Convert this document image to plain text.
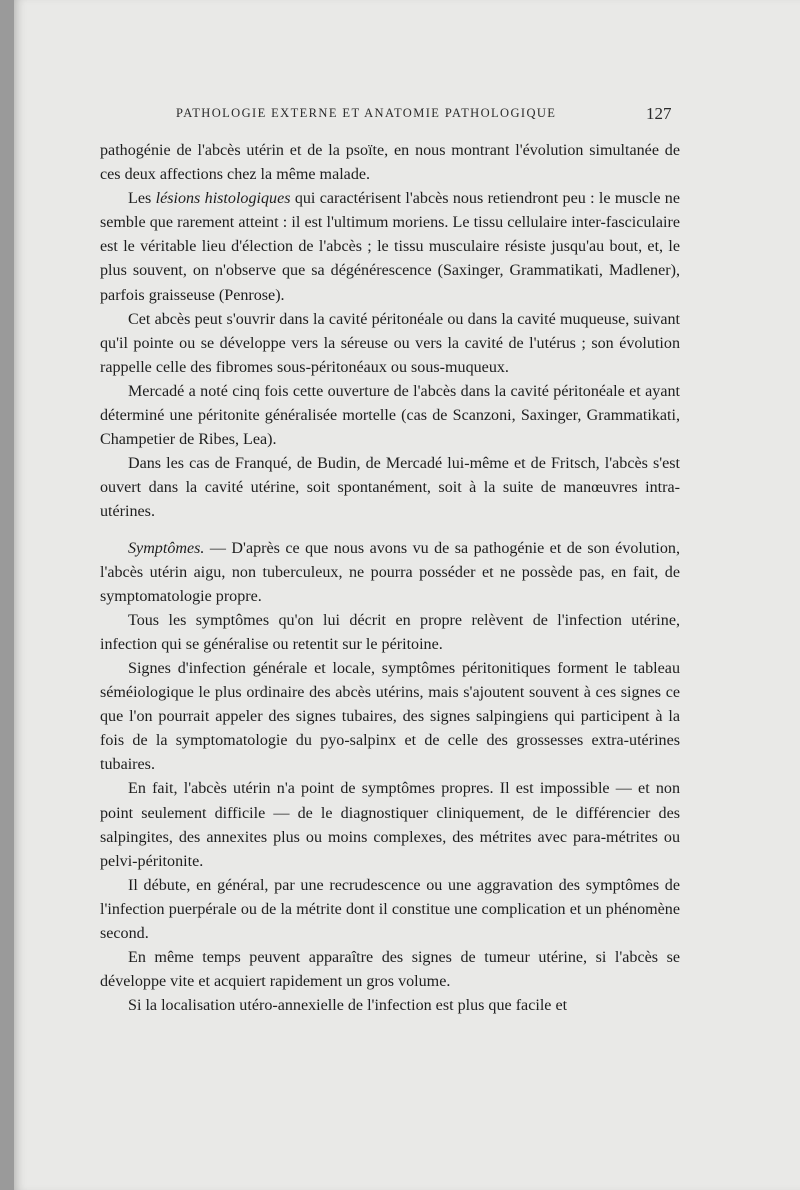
PATHOLOGIE EXTERNE ET ANATOMIE PATHOLOGIQUE	127

pathogénie de l'abcès utérin et de la psoïte, en nous montrant l'évolution simultanée de ces deux affections chez la même malade.

Les lésions histologiques qui caractérisent l'abcès nous retiendront peu : le muscle ne semble que rarement atteint : il est l'ultimum moriens. Le tissu cellulaire inter-fasciculaire est le véritable lieu d'élection de l'abcès ; le tissu musculaire résiste jusqu'au bout, et, le plus souvent, on n'observe que sa dégénérescence (Saxinger, Grammatikati, Madlener), parfois graisseuse (Penrose).

Cet abcès peut s'ouvrir dans la cavité péritonéale ou dans la cavité muqueuse, suivant qu'il pointe ou se développe vers la séreuse ou vers la cavité de l'utérus ; son évolution rappelle celle des fibromes sous-péritonéaux ou sous-muqueux.

Mercadé a noté cinq fois cette ouverture de l'abcès dans la cavité péritonéale et ayant déterminé une péritonite généralisée mortelle (cas de Scanzoni, Saxinger, Grammatikati, Champetier de Ribes, Lea).

Dans les cas de Franqué, de Budin, de Mercadé lui-même et de Fritsch, l'abcès s'est ouvert dans la cavité utérine, soit spontanément, soit à la suite de manœuvres intra-utérines.

Symptômes. — D'après ce que nous avons vu de sa pathogénie et de son évolution, l'abcès utérin aigu, non tuberculeux, ne pourra posséder et ne possède pas, en fait, de symptomatologie propre.

Tous les symptômes qu'on lui décrit en propre relèvent de l'infection utérine, infection qui se généralise ou retentit sur le péritoine.

Signes d'infection générale et locale, symptômes péritonitiques forment le tableau séméiologique le plus ordinaire des abcès utérins, mais s'ajoutent souvent à ces signes ce que l'on pourrait appeler des signes tubaires, des signes salpingiens qui participent à la fois de la symptomatologie du pyo-salpinx et de celle des grossesses extra-utérines tubaires.

En fait, l'abcès utérin n'a point de symptômes propres. Il est impossible — et non point seulement difficile — de le diagnostiquer cliniquement, de le différencier des salpingites, des annexites plus ou moins complexes, des métrites avec para-métrites ou pelvi-péritonite.

Il débute, en général, par une recrudescence ou une aggravation des symptômes de l'infection puerpérale ou de la métrite dont il constitue une complication et un phénomène second.

En même temps peuvent apparaître des signes de tumeur utérine, si l'abcès se développe vite et acquiert rapidement un gros volume.

Si la localisation utéro-annexielle de l'infection est plus que facile et
